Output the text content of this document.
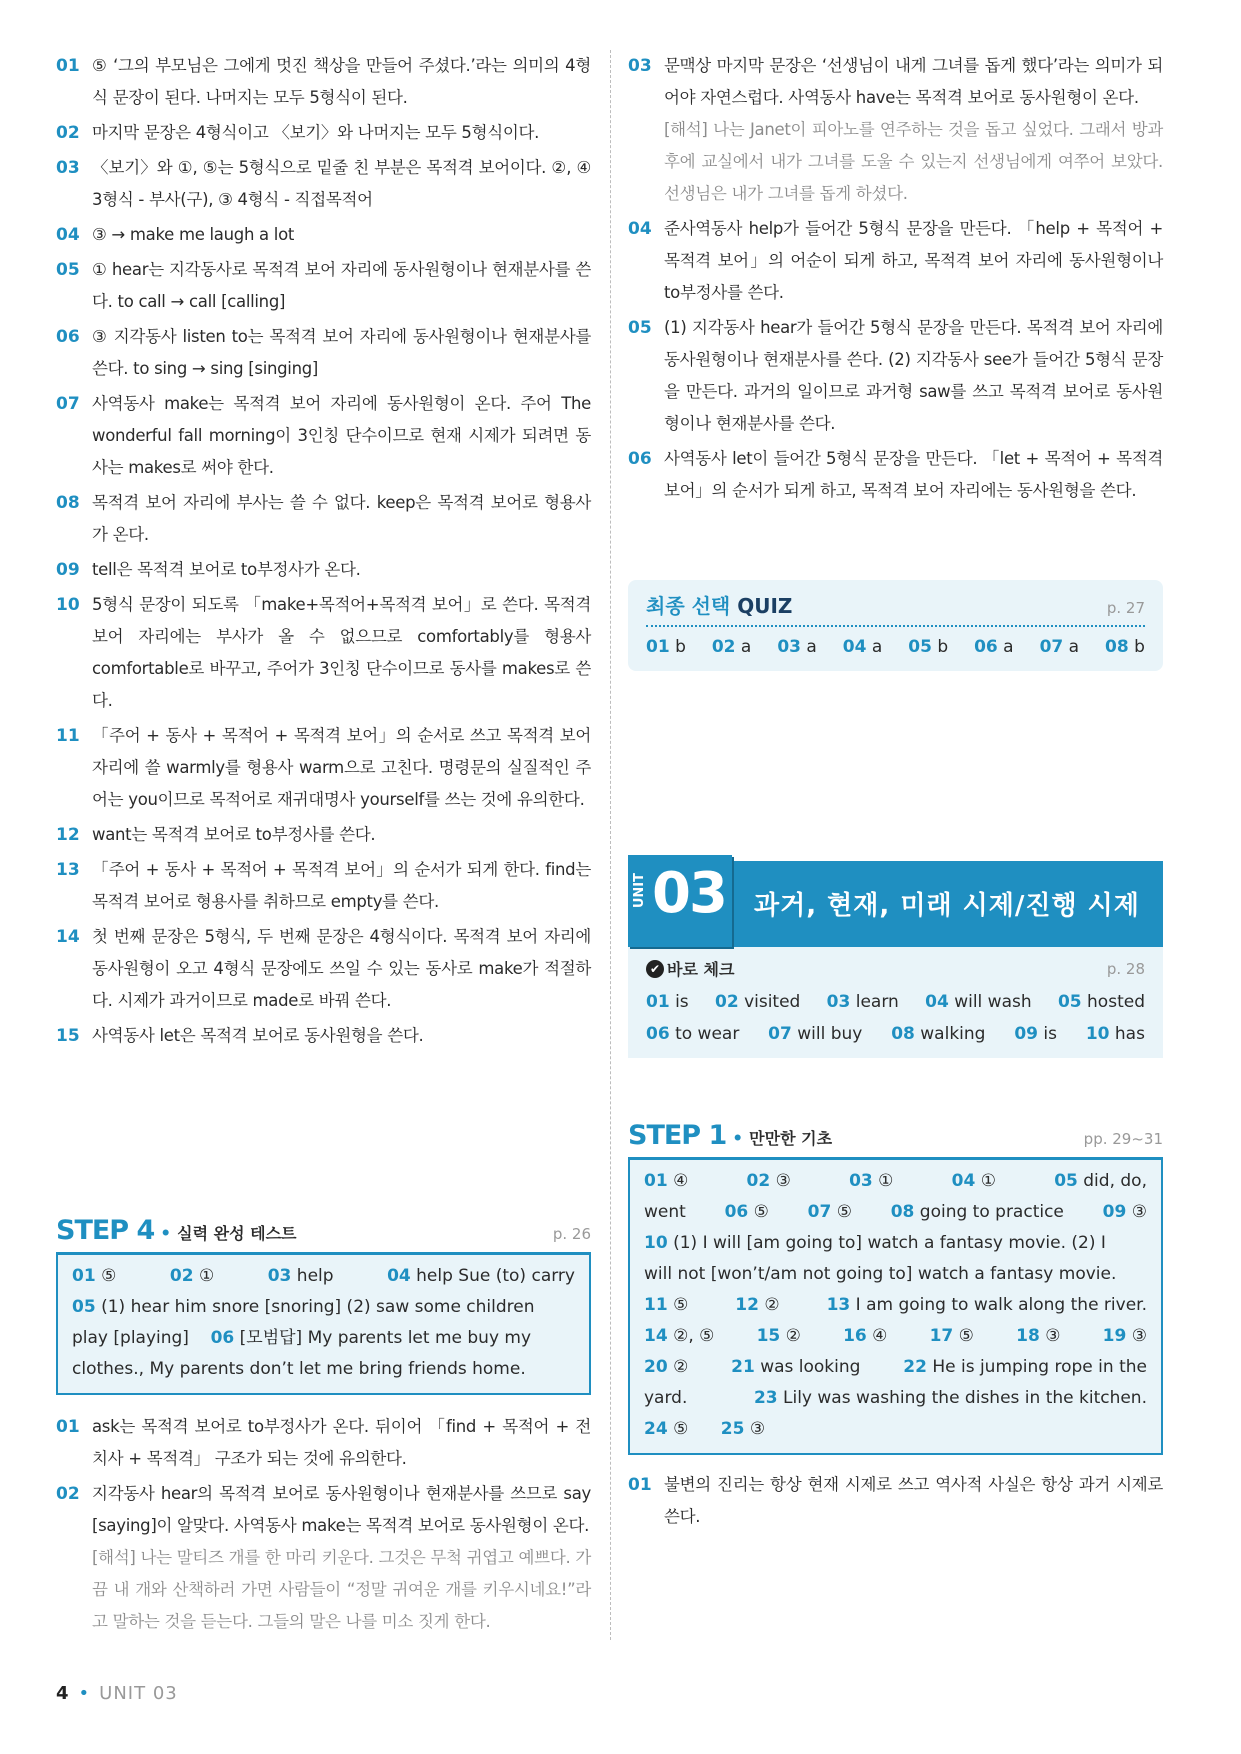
01 ⑤ ‘그의 부모님은 그에게 멋진 책상을 만들어 주셨다.’라는 의미의 4형식 문장이 된다. 나머지는 모두 5형식이 된다.
02 마지막 문장은 4형식이고 〈보기〉와 나머지는 모두 5형식이다.
03 〈보기〉와 ①, ⑤는 5형식으로 밑줄 친 부분은 목적격 보어이다. ②, ④ 3형식 - 부사(구), ③ 4형식 - 직접목적어
04 ③ → make me laugh a lot
05 ① hear는 지각동사로 목적격 보어 자리에 동사원형이나 현재분사를 쓴다. to call → call [calling]
06 ③ 지각동사 listen to는 목적격 보어 자리에 동사원형이나 현재분사를 쓴다. to sing → sing [singing]
07 사역동사 make는 목적격 보어 자리에 동사원형이 온다. 주어 The wonderful fall morning이 3인칭 단수이므로 현재 시제가 되려면 동사는 makes로 써야 한다.
08 목적격 보어 자리에 부사는 쓸 수 없다. keep은 목적격 보어로 형용사가 온다.
09 tell은 목적격 보어로 to부정사가 온다.
10 5형식 문장이 되도록 「make+목적어+목적격 보어」로 쓴다. 목적격 보어 자리에는 부사가 올 수 없으므로 comfortably를 형용사 comfortable로 바꾸고, 주어가 3인칭 단수이므로 동사를 makes로 쓴다.
11 「주어 + 동사 + 목적어 + 목적격 보어」의 순서로 쓰고 목적격 보어 자리에 쓸 warmly를 형용사 warm으로 고친다. 명령문의 실질적인 주어는 you이므로 목적어로 재귀대명사 yourself를 쓰는 것에 유의한다.
12 want는 목적격 보어로 to부정사를 쓴다.
13 「주어 + 동사 + 목적어 + 목적격 보어」의 순서가 되게 한다. find는 목적격 보어로 형용사를 취하므로 empty를 쓴다.
14 첫 번째 문장은 5형식, 두 번째 문장은 4형식이다. 목적격 보어 자리에 동사원형이 오고 4형식 문장에도 쓰일 수 있는 동사로 make가 적절하다. 시제가 과거이므로 made로 바꿔 쓴다.
15 사역동사 let은 목적격 보어로 동사원형을 쓴다.
STEP 4 • 실력 완성 테스트	p. 26
01 ⑤	02 ①	03 help	04 help Sue (to) carry
05 (1) hear him snore [snoring] (2) saw some children
play [playing] 06 [모범답] My parents let me buy my
clothes., My parents don’t let me bring friends home.
01 ask는 목적격 보어로 to부정사가 온다. 뒤이어 「find + 목적어 + 전치사 + 목적격」 구조가 되는 것에 유의한다.
02 지각동사 hear의 목적격 보어로 동사원형이나 현재분사를 쓰므로 say [saying]이 알맞다. 사역동사 make는 목적격 보어로 동사원형이 온다.
[해석] 나는 말티즈 개를 한 마리 키운다. 그것은 무척 귀엽고 예쁘다. 가끔 내 개와 산책하러 가면 사람들이 “정말 귀여운 개를 키우시네요!”라고 말하는 것을 듣는다. 그들의 말은 나를 미소 짓게 한다.
03 문맥상 마지막 문장은 ‘선생님이 내게 그녀를 돕게 했다’라는 의미가 되어야 자연스럽다. 사역동사 have는 목적격 보어로 동사원형이 온다.
[해석] 나는 Janet이 피아노를 연주하는 것을 돕고 싶었다. 그래서 방과 후에 교실에서 내가 그녀를 도울 수 있는지 선생님에게 여쭈어 보았다. 선생님은 내가 그녀를 돕게 하셨다.
04 준사역동사 help가 들어간 5형식 문장을 만든다. 「help + 목적어 + 목적격 보어」의 어순이 되게 하고, 목적격 보어 자리에 동사원형이나 to부정사를 쓴다.
05 (1) 지각동사 hear가 들어간 5형식 문장을 만든다. 목적격 보어 자리에 동사원형이나 현재분사를 쓴다. (2) 지각동사 see가 들어간 5형식 문장을 만든다. 과거의 일이므로 과거형 saw를 쓰고 목적격 보어로 동사원형이나 현재분사를 쓴다.
06 사역동사 let이 들어간 5형식 문장을 만든다. 「let + 목적어 + 목적격 보어」의 순서가 되게 하고, 목적격 보어 자리에는 동사원형을 쓴다.
최종 선택 QUIZ	p. 27
01 b 02 a 03 a 04 a 05 b 06 a 07 a 08 b
UNIT 03 과거, 현재, 미래 시제/진행 시제
✔ 바로 체크	p. 28
01 is 02 visited 03 learn 04 will wash 05 hosted
06 to wear 07 will buy 08 walking 09 is 10 has
STEP 1 • 만만한 기초	pp. 29~31
01 ④	02 ③	03 ①	04 ①	05 did, do,
went 06 ⑤ 07 ⑤ 08 going to practice 09 ③
10 (1) I will [am going to] watch a fantasy movie. (2) I
will not [won’t/am not going to] watch a fantasy movie.
11 ⑤	12 ②	13 I am going to walk along the river.
14 ②, ⑤ 15 ② 16 ④ 17 ⑤ 18 ③ 19 ③
20 ②	21 was looking	22 He is jumping rope in the
yard.	23 Lily was washing the dishes in the kitchen.
24 ⑤ 25 ③
01 불변의 진리는 항상 현재 시제로 쓰고 역사적 사실은 항상 과거 시제로 쓴다.
4 • UNIT 03
